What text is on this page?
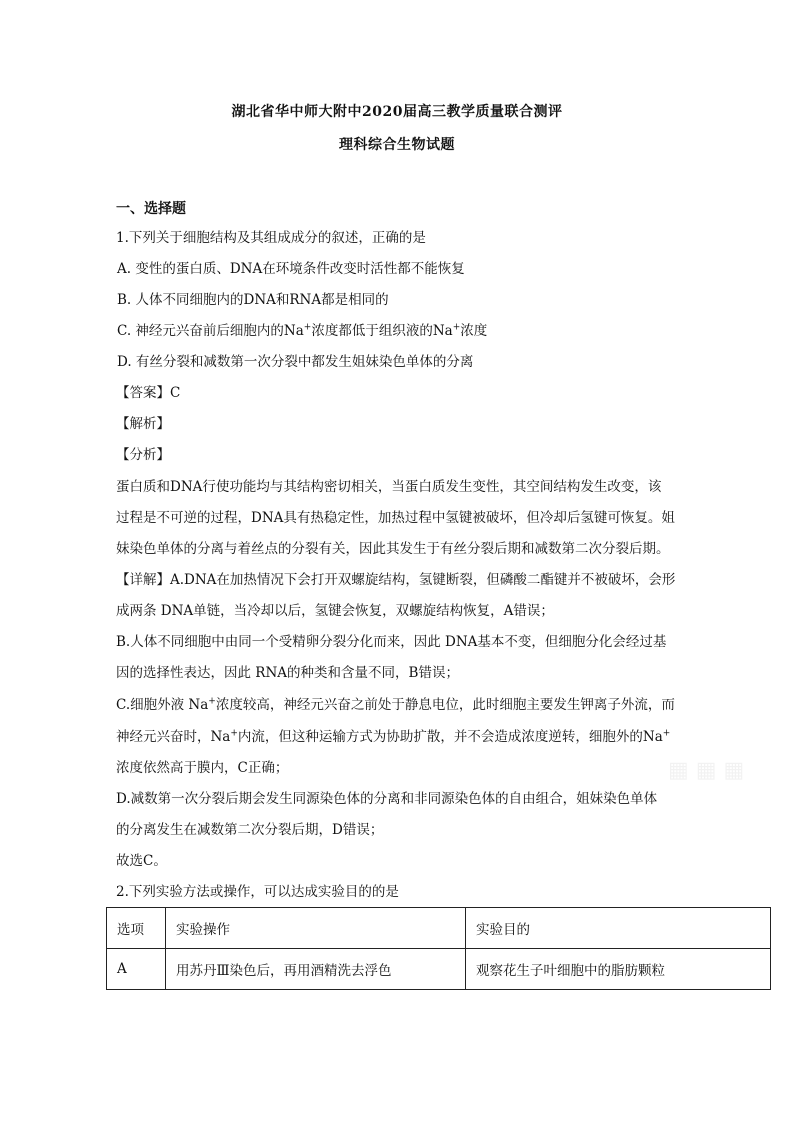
湖北省华中师大附中2020届高三教学质量联合测评
理科综合生物试题
一、选择题
1.下列关于细胞结构及其组成成分的叙述，正确的是
A. 变性的蛋白质、DNA在环境条件改变时活性都不能恢复
B. 人体不同细胞内的DNA和RNA都是相同的
C. 神经元兴奋前后细胞内的Na+浓度都低于组织液的Na+浓度
D. 有丝分裂和减数第一次分裂中都发生姐妹染色单体的分离
【答案】C
【解析】
【分析】
蛋白质和DNA行使功能均与其结构密切相关，当蛋白质发生变性，其空间结构发生改变，该
过程是不可逆的过程，DNA具有热稳定性，加热过程中氢键被破坏，但冷却后氢键可恢复。姐
妹染色单体的分离与着丝点的分裂有关，因此其发生于有丝分裂后期和减数第二次分裂后期。
【详解】A.DNA在加热情况下会打开双螺旋结构，氢键断裂，但磷酸二酯键并不被破坏，会形
成两条 DNA单链，当冷却以后，氢键会恢复，双螺旋结构恢复，A错误；
B.人体不同细胞中由同一个受精卵分裂分化而来，因此 DNA基本不变，但细胞分化会经过基
因的选择性表达，因此 RNA的种类和含量不同，B错误；
C.细胞外液 Na+浓度较高，神经元兴奋之前处于静息电位，此时细胞主要发生钾离子外流，而
神经元兴奋时，Na+内流，但这种运输方式为协助扩散，并不会造成浓度逆转，细胞外的Na+
浓度依然高于膜内，C正确；
D.减数第一次分裂后期会发生同源染色体的分离和非同源染色体的自由组合，姐妹染色单体
的分离发生在减数第二次分裂后期，D错误；
故选C。
2.下列实验方法或操作，可以达成实验目的的是
选项	实验操作	实验目的
A	用苏丹Ⅲ染色后，再用酒精洗去浮色	观察花生子叶细胞中的脂肪颗粒
▦ ▦ ▦
